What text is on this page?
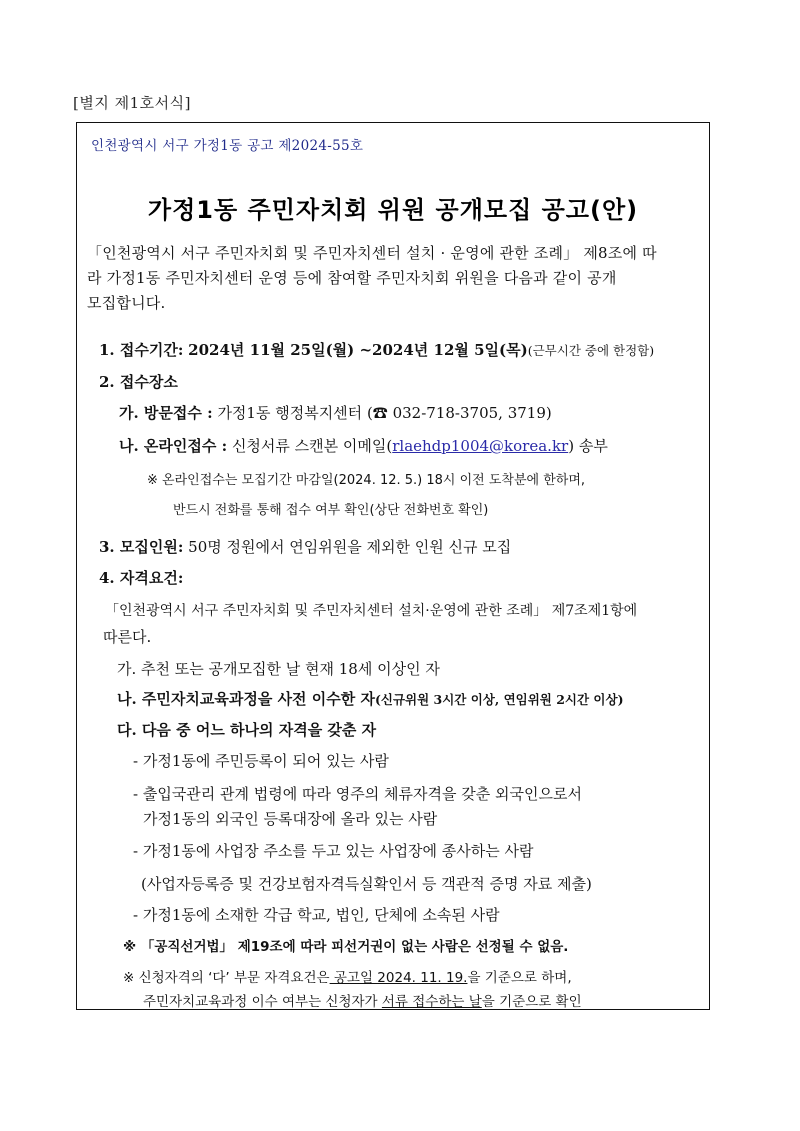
[별지 제1호서식]
인천광역시 서구 가정1동 공고 제2024-55호
가정1동 주민자치회 위원 공개모집 공고(안)
「인천광역시 서구 주민자치회 및 주민자치센터 설치 · 운영에 관한 조례」 제8조에 따
라 가정1동 주민자치센터 운영 등에 참여할 주민자치회 위원을 다음과 같이 공개
모집합니다.
1. 접수기간: 2024년 11월 25일(월) ~2024년 12월 5일(목)(근무시간 중에 한정함)
2. 접수장소
가. 방문접수 : 가정1동 행정복지센터 (☎ 032-718-3705, 3719)
나. 온라인접수 : 신청서류 스캔본 이메일(rlaehdp1004@korea.kr) 송부
※ 온라인접수는 모집기간 마감일(2024. 12. 5.) 18시 이전 도착분에 한하며,
반드시 전화를 통해 접수 여부 확인(상단 전화번호 확인)
3. 모집인원: 50명 정원에서 연임위원을 제외한 인원 신규 모집
4. 자격요건:
「인천광역시 서구 주민자치회 및 주민자치센터 설치·운영에 관한 조례」 제7조제1항에
따른다.
가. 추천 또는 공개모집한 날 현재 18세 이상인 자
나. 주민자치교육과정을 사전 이수한 자(신규위원 3시간 이상, 연임위원 2시간 이상)
다. 다음 중 어느 하나의 자격을 갖춘 자
- 가정1동에 주민등록이 되어 있는 사람
- 출입국관리 관계 법령에 따라 영주의 체류자격을 갖춘 외국인으로서
가정1동의 외국인 등록대장에 올라 있는 사람
- 가정1동에 사업장 주소를 두고 있는 사업장에 종사하는 사람
(사업자등록증 및 건강보험자격득실확인서 등 객관적 증명 자료 제출)
- 가정1동에 소재한 각급 학교, 법인, 단체에 소속된 사람
※ 「공직선거법」 제19조에 따라 피선거권이 없는 사람은 선정될 수 없음.
※ 신청자격의 ‘다’ 부문 자격요건은 공고일 2024. 11. 19.을 기준으로 하며,
주민자치교육과정 이수 여부는 신청자가 서류 접수하는 날을 기준으로 확인
